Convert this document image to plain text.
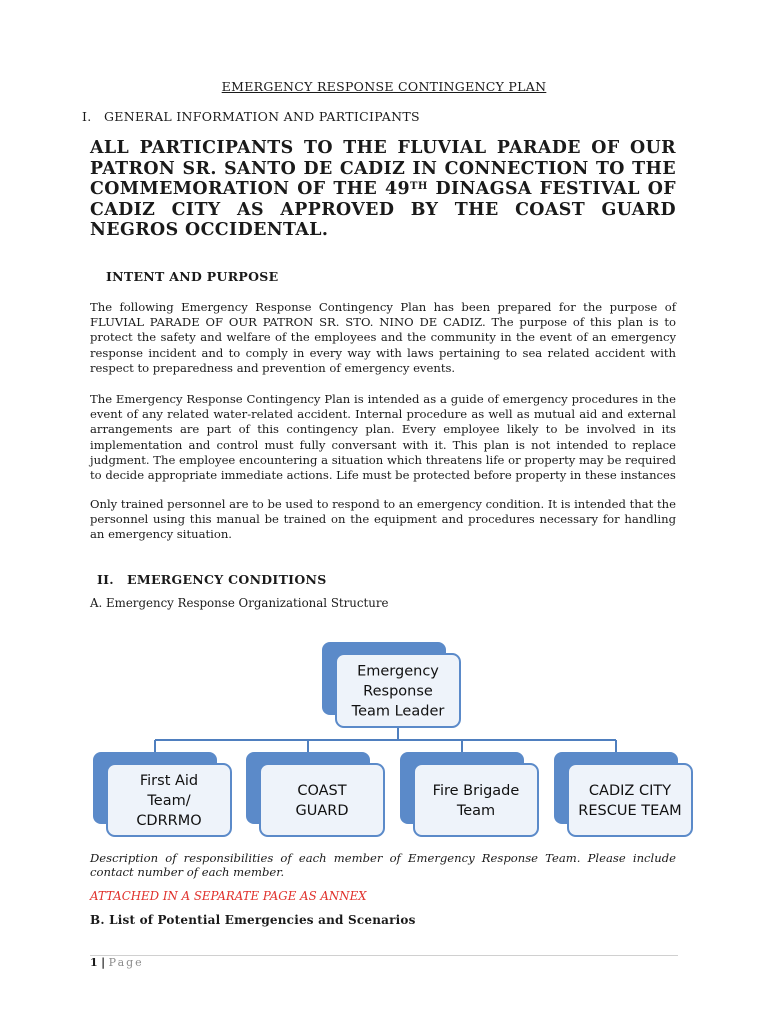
EMERGENCY RESPONSE CONTINGENCY PLAN
I. GENERAL INFORMATION AND PARTICIPANTS
ALL PARTICIPANTS TO THE FLUVIAL PARADE OF OUR PATRON SR. SANTO DE CADIZ IN CONNECTION TO THE COMMEMORATION OF THE 49TH DINAGSA FESTIVAL OF CADIZ CITY AS APPROVED BY THE COAST GUARD NEGROS OCCIDENTAL.
INTENT AND PURPOSE
The following Emergency Response Contingency Plan has been prepared for the purpose of FLUVIAL PARADE OF OUR PATRON SR. STO. NINO DE CADIZ. The purpose of this plan is to protect the safety and welfare of the employees and the community in the event of an emergency response incident and to comply in every way with laws pertaining to sea related accident with respect to preparedness and prevention of emergency events.
The Emergency Response Contingency Plan is intended as a guide of emergency procedures in the event of any related water-related accident. Internal procedure as well as mutual aid and external arrangements are part of this contingency plan. Every employee likely to be involved in its implementation and control must fully conversant with it. This plan is not intended to replace judgment. The employee encountering a situation which threatens life or property may be required to decide appropriate immediate actions. Life must be protected before property in these instances
Only trained personnel are to be used to respond to an emergency condition. It is intended that the personnel using this manual be trained on the equipment and procedures necessary for handling an emergency situation.
II. EMERGENCY CONDITIONS
A. Emergency Response Organizational Structure
Emergency
Response
Team Leader
First Aid
Team/
CDRRMO
COAST
GUARD
Fire Brigade
Team
CADIZ CITY
RESCUE TEAM
Description of responsibilities of each member of Emergency Response Team. Please include contact number of each member.
ATTACHED IN A SEPARATE PAGE AS ANNEX
B. List of Potential Emergencies and Scenarios
1 | Page
